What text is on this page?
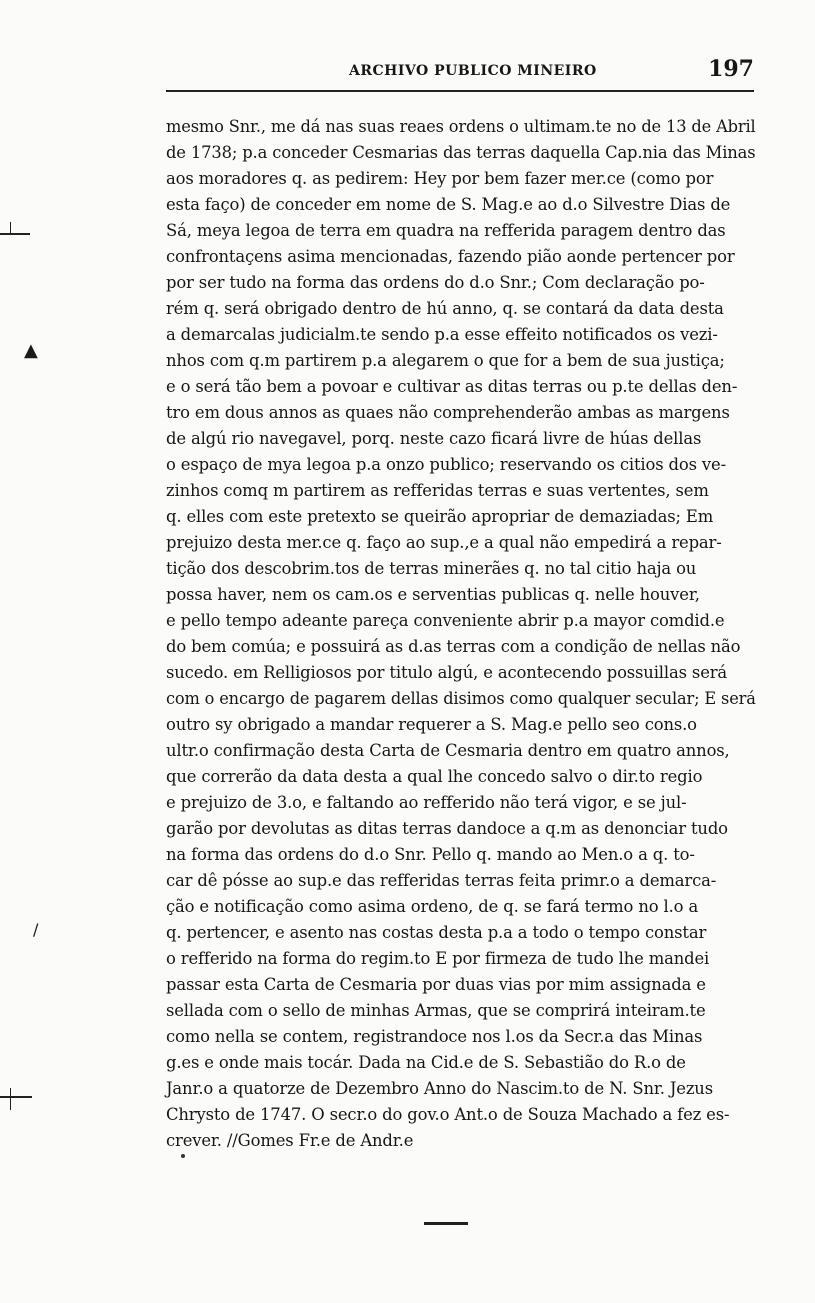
ARCHIVO PUBLICO MINEIRO	197
▲
/
mesmo Snr., me dá nas suas reaes ordens o ultimam.te no de 13 de Abril
de 1738; p.a conceder Cesmarias das terras daquella Cap.nia das Minas
aos moradores q. as pedirem: Hey por bem fazer mer.ce (como por
esta faço) de conceder em nome de S. Mag.e ao d.o Silvestre Dias de
Sá, meya legoa de terra em quadra na refferida paragem dentro das
confrontaçens asima mencionadas, fazendo pião aonde pertencer por
por ser tudo na forma das ordens do d.o Snr.; Com declaração po-
rém q. será obrigado dentro de hú anno, q. se contará da data desta
a demarcalas judicialm.te sendo p.a esse effeito notificados os vezi-
nhos com q.m partirem p.a alegarem o que for a bem de sua justiça;
e o será tão bem a povoar e cultivar as ditas terras ou p.te dellas den-
tro em dous annos as quaes não comprehenderão ambas as margens
de algú rio navegavel, porq. neste cazo ficará livre de húas dellas
o espaço de mya legoa p.a onzo publico; reservando os citios dos ve-
zinhos comq m partirem as refferidas terras e suas vertentes, sem
q. elles com este pretexto se queirão apropriar de demaziadas; Em
prejuizo desta mer.ce q. faço ao sup.,e a qual não empedirá a repar-
tição dos descobrim.tos de terras minerães q. no tal citio haja ou
possa haver, nem os cam.os e serventias publicas q. nelle houver,
e pello tempo adeante pareça conveniente abrir p.a mayor comdid.e
do bem comúa; e possuirá as d.as terras com a condição de nellas não
sucedo. em Relligiosos por titulo algú, e acontecendo possuillas será
com o encargo de pagarem dellas disimos como qualquer secular; E será
outro sy obrigado a mandar requerer a S. Mag.e pello seo cons.o
ultr.o confirmação desta Carta de Cesmaria dentro em quatro annos,
que correrão da data desta a qual lhe concedo salvo o dir.to regio
e prejuizo de 3.o, e faltando ao refferido não terá vigor, e se jul-
garão por devolutas as ditas terras dandoce a q.m as denonciar tudo
na forma das ordens do d.o Snr. Pello q. mando ao Men.o a q. to-
car dê pósse ao sup.e das refferidas terras feita primr.o a demarca-
ção e notificação como asima ordeno, de q. se fará termo no l.o a
q. pertencer, e asento nas costas desta p.a a todo o tempo constar
o refferido na forma do regim.to E por firmeza de tudo lhe mandei
passar esta Carta de Cesmaria por duas vias por mim assignada e
sellada com o sello de minhas Armas, que se comprirá inteiram.te
como nella se contem, registrandoce nos l.os da Secr.a das Minas
g.es e onde mais tocár. Dada na Cid.e de S. Sebastião do R.o de
Janr.o a quatorze de Dezembro Anno do Nascim.to de N. Snr. Jezus
Chrysto de 1747. O secr.o do gov.o Ant.o de Souza Machado a fez es-
crever. //Gomes Fr.e de Andr.e
